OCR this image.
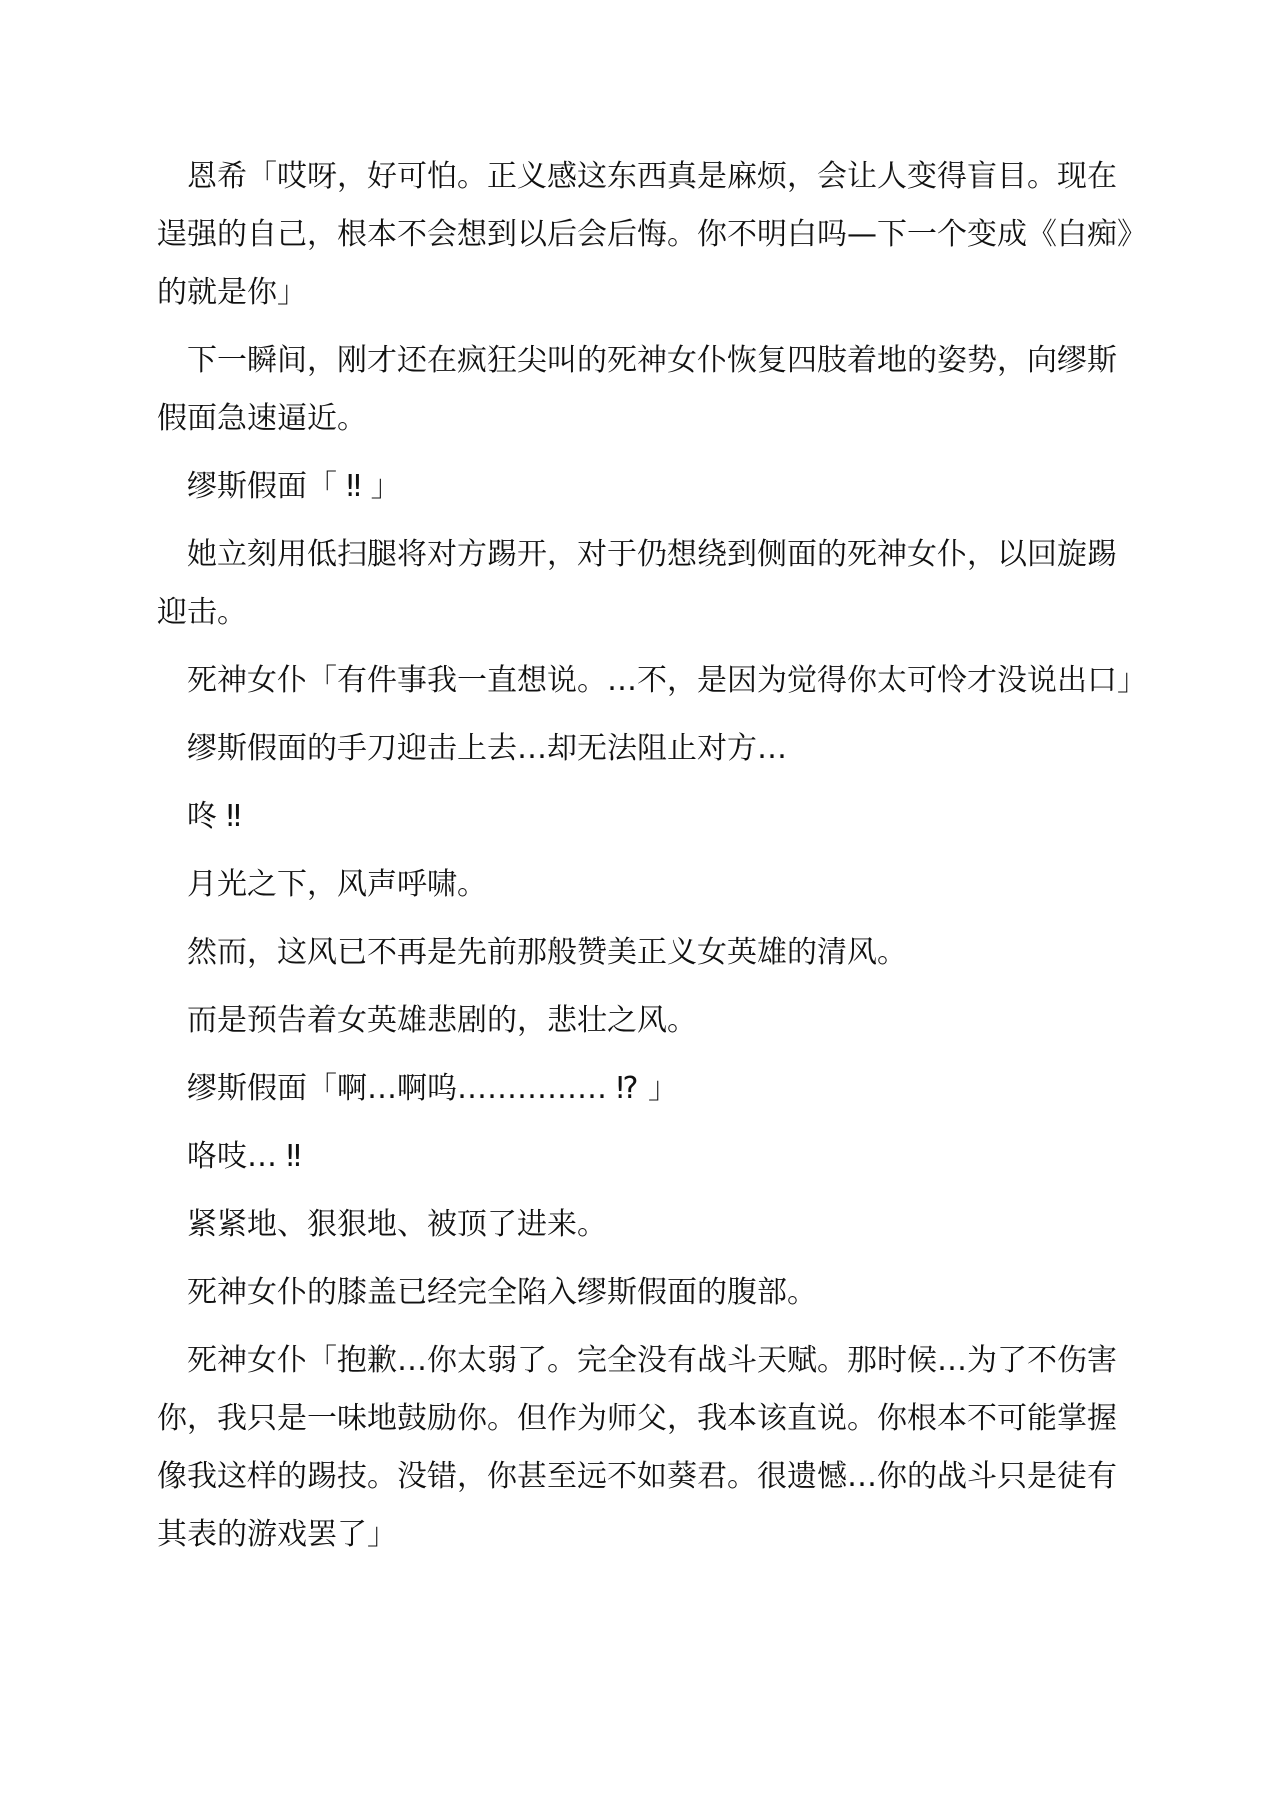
恩希「哎呀，好可怕。正义感这东西真是麻烦，会让人变得盲目。现在
逞强的自己，根本不会想到以后会后悔。你不明白吗—下一个变成《白痴》
的就是你」

下一瞬间，刚才还在疯狂尖叫的死神女仆恢复四肢着地的姿势，向缪斯
假面急速逼近。

缪斯假面「 ‼ 」

她立刻用低扫腿将对方踢开，对于仍想绕到侧面的死神女仆，以回旋踢
迎击。

死神女仆「有件事我一直想说。…不，是因为觉得你太可怜才没说出口」

缪斯假面的手刀迎击上去…却无法阻止对方…

咚 ‼

月光之下，风声呼啸。

然而，这风已不再是先前那般赞美正义女英雄的清风。

而是预告着女英雄悲剧的，悲壮之风。

缪斯假面「啊…啊呜…………… ⁉ 」

咯吱… ‼

紧紧地、狠狠地、被顶了进来。

死神女仆的膝盖已经完全陷入缪斯假面的腹部。

死神女仆「抱歉…你太弱了。完全没有战斗天赋。那时候…为了不伤害
你，我只是一味地鼓励你。但作为师父，我本该直说。你根本不可能掌握
像我这样的踢技。没错，你甚至远不如葵君。很遗憾…你的战斗只是徒有
其表的游戏罢了」
